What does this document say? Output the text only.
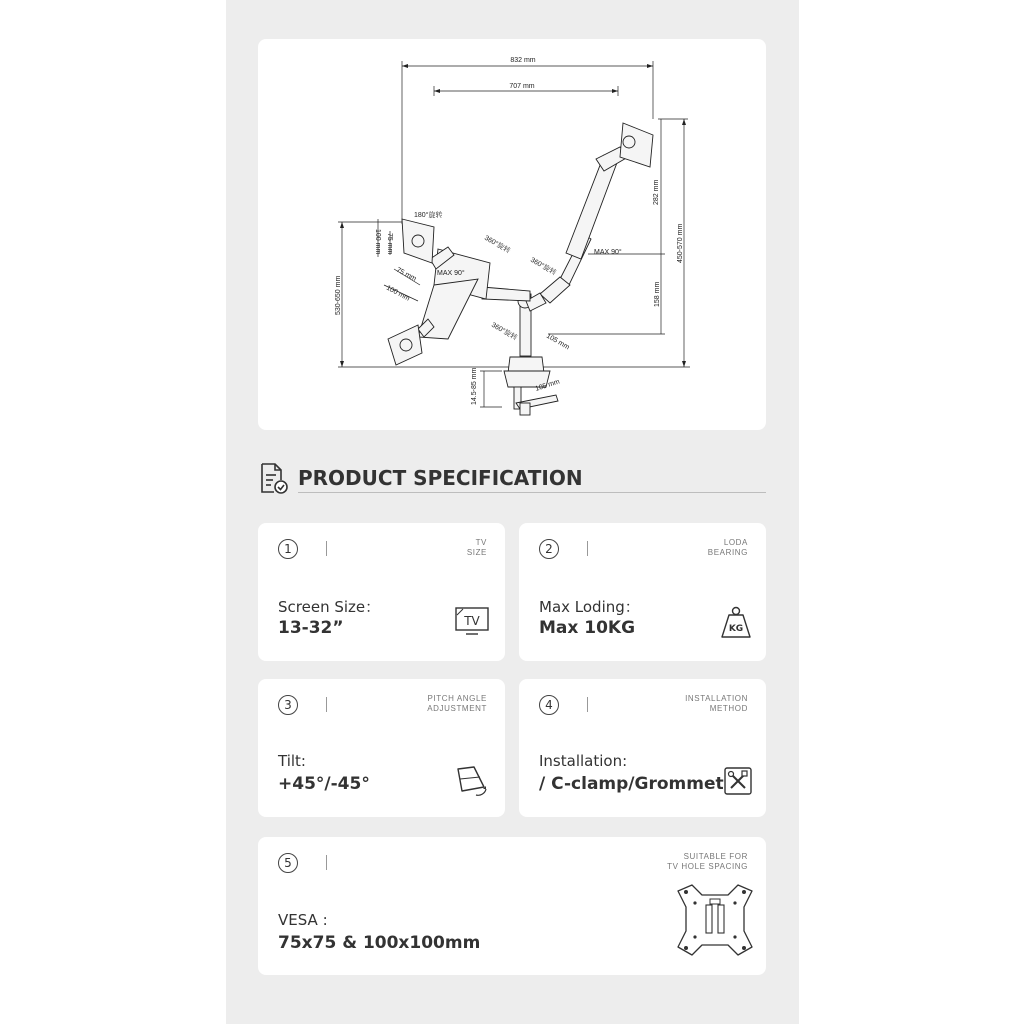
832 mm
707 mm
282 mm
158 mm
450-570 mm
530-650 mm
100 mm 75 mm
75 mm
100 mm
180°旋转
360°旋转
360°旋转
360°旋转
MAX 90°
MAX 90°
105 mm
105 mm
14.5-85 mm
PRODUCT SPECIFICATION
1	TV
SIZE
Screen Size：
13-32”	TV
2	LODA
BEARING
Max Loding：
Max 10KG	KG
3	PITCH ANGLE
ADJUSTMENT
Tilt:
+45°/-45°
4	INSTALLATION
METHOD
Installation:
/ C-clamp/Grommet
5	SUITABLE FOR
TV HOLE SPACING
VESA :
75x75 & 100x100mm
